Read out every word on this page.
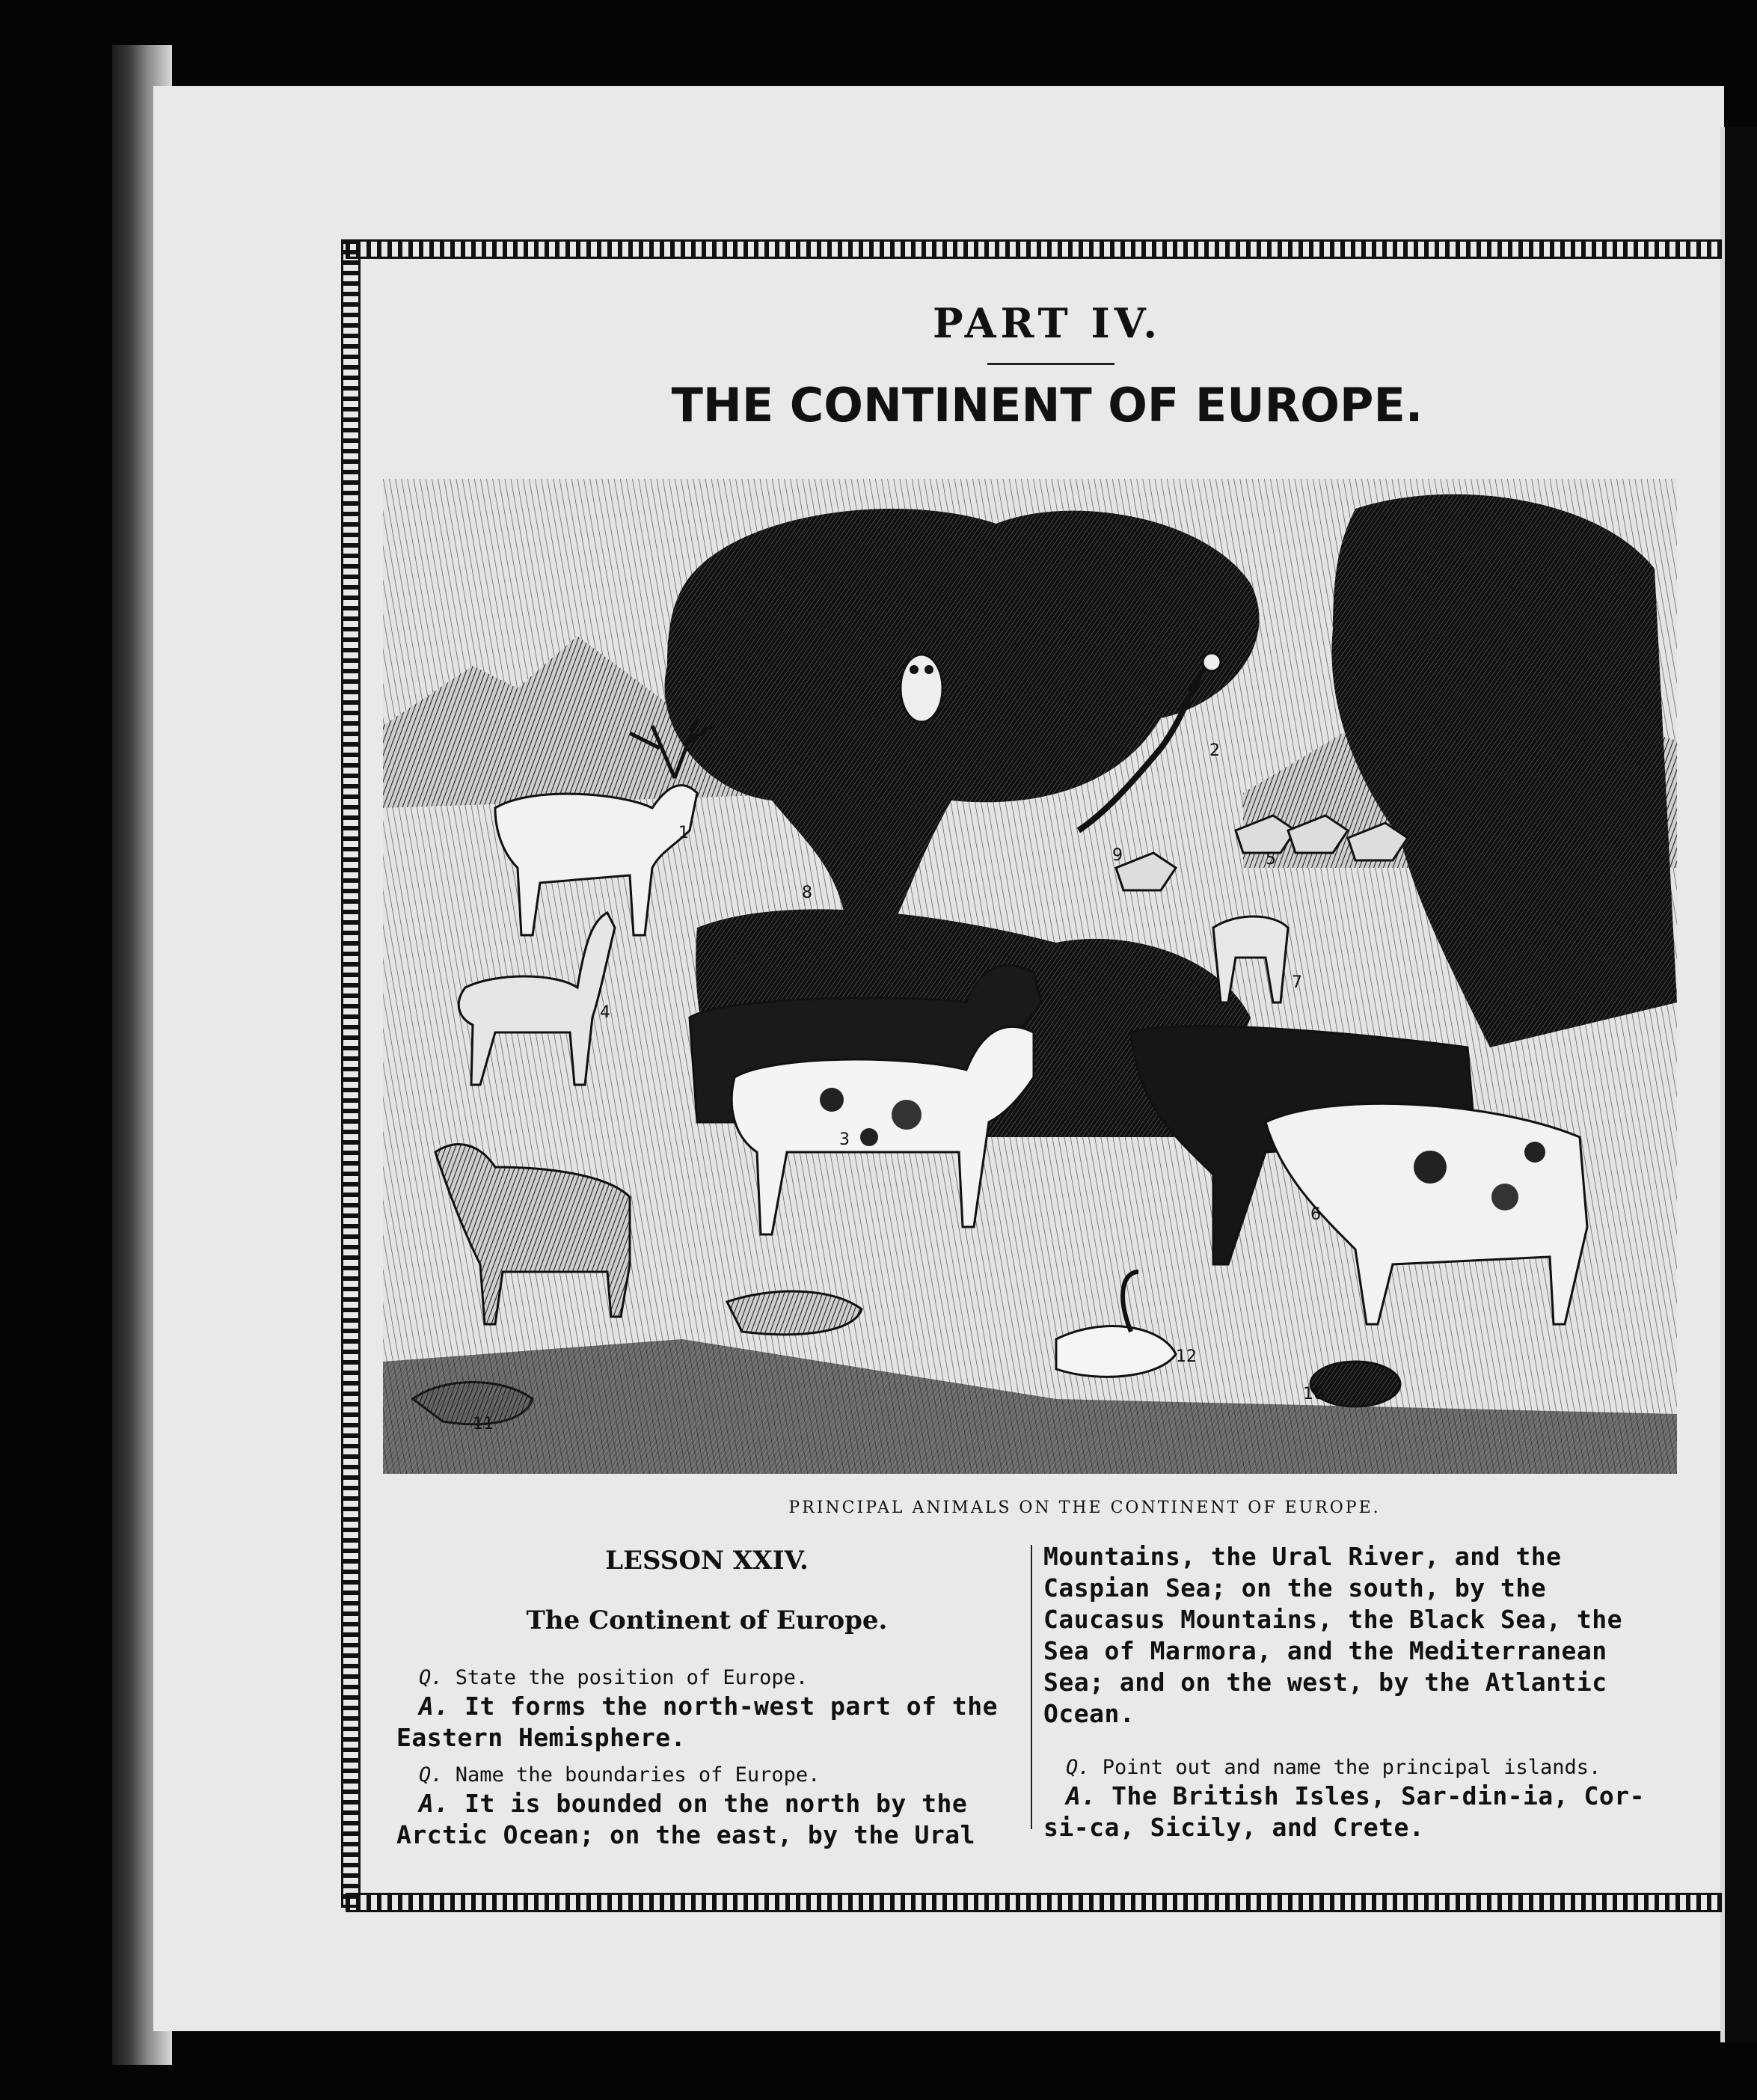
PART IV.
THE CONTINENT OF EUROPE.
1
2
3
4
5
6
7
8
9
10
11
12
PRINCIPAL ANIMALS ON THE CONTINENT OF EUROPE.
LESSON XXIV.
The Continent of Europe.

Q. State the position of Europe.

A. It forms the north-west part of the Eastern Hemisphere.

Q. Name the boundaries of Europe.

A. It is bounded on the north by the Arctic Ocean; on the east, by the Ural

Mountains, the Ural River, and the Caspian Sea; on the south, by the Caucasus Mountains, the Black Sea, the Sea of Marmora, and the Mediterranean Sea; and on the west, by the Atlantic Ocean.

Q. Point out and name the principal islands.

A. The British Isles, Sar-din-ia, Cor-si-ca, Sicily, and Crete.
